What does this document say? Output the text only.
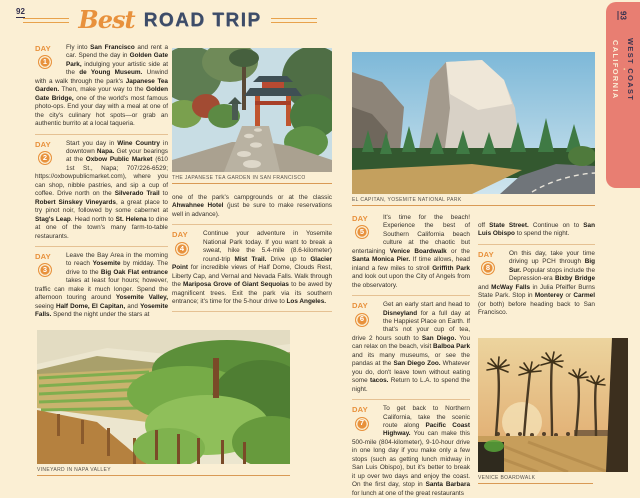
92 Best ROAD TRIP
DAY
1

Fly into San Francisco and rent a car. Spend the day in Golden Gate Park, indulging your artistic side at the de Young Museum. Unwind with a walk through the park's Japanese Tea Garden. Then, make your way to the Golden Gate Bridge, one of the world's most famous photo-ops. End your day with a meal at one of the city's culinary hot spots—or grab an authentic burrito at a local taqueria.

DAY
2

Start you day in Wine Country in downtown Napa. Get your bearings at the Oxbow Public Market (610 1st St., Napa; 707/226-6529; https://oxbowpublicmarket.com), where you can shop, nibble pastries, and sip a cup of coffee. Drive north on the Silverado Trail to Robert Sinskey Vineyards, a great place to try pinot noir, followed by some cabernet at Stag's Leap. Head north to St. Helena to dine at one of the town's many farm-to-table restaurants.

DAY
3

Leave the Bay Area in the morning to reach Yosemite by midday. The drive to the Big Oak Flat entrance takes at least four hours; however, traffic can make it much longer. Spend the afternoon touring around Yosemite Valley, seeing Half Dome, El Capitan, and Yosemite Falls. Spend the night under the stars at

THE JAPANESE TEA GARDEN IN SAN FRANCISCO

one of the park's campgrounds or at the classic Ahwahnee Hotel (just be sure to make reservations well in advance).

DAY
4

Continue your adventure in Yosemite National Park today. If you want to break a sweat, hike the 5.4-mile (8.6-kilometer) round-trip Mist Trail. Drive up to Glacier Point for incredible views of Half Dome, Clouds Rest, Liberty Cap, and Vernal and Nevada Falls. Walk through the Mariposa Grove of Giant Sequoias to be awed by magnificent trees. Exit the park via its southern entrance; it's time for the 5-hour drive to Los Angeles.

VINEYARD IN NAPA VALLEY
EL CAPITAN, YOSEMITE NATIONAL PARK
DAY
5

It's time for the beach! Experience the best of Southern California beach culture at the chaotic but entertaining Venice Boardwalk or the Santa Monica Pier. If time allows, head inland a few miles to stroll Griffith Park and look out upon the City of Angels from the observatory.

DAY
6

Get an early start and head to Disneyland for a full day at the Happiest Place on Earth. If that's not your cup of tea, drive 2 hours south to San Diego. You can relax on the beach, visit Balboa Park and its many museums, or see the pandas at the San Diego Zoo. Whatever you do, don't leave town without eating some tacos. Return to L.A. to spend the night.

DAY
7

To get back to Northern California, take the scenic route along Pacific Coast Highway. You can make this 500-mile (804-kilometer), 9-10-hour drive in one long day if you make only a few stops (such as getting lunch midway in San Luis Obispo), but it's better to break it up over two days and enjoy the coast. On the first day, stop in Santa Barbara for lunch at one of the great restaurants

off State Street. Continue on to San Luis Obispo to spend the night.

DAY
8

On this day, take your time driving up PCH through Big Sur. Popular stops include the Depression-era Bixby Bridge and McWay Falls in Julia Pfeiffer Burns State Park. Stop in Monterey or Carmel (or both) before heading back to San Francisco.

VENICE BOARDWALK
93
WEST COAST
•
CALIFORNIA
